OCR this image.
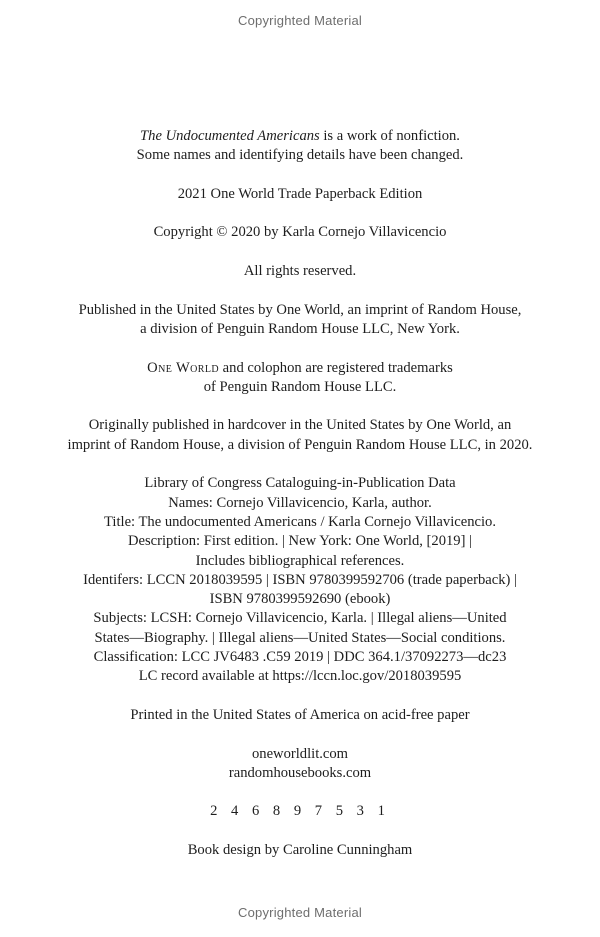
Copyrighted Material
The Undocumented Americans is a work of nonfiction.
Some names and identifying details have been changed.
2021 One World Trade Paperback Edition
Copyright © 2020 by Karla Cornejo Villavicencio
All rights reserved.
Published in the United States by One World, an imprint of Random House,
a division of Penguin Random House LLC, New York.
One World and colophon are registered trademarks
of Penguin Random House LLC.
Originally published in hardcover in the United States by One World, an
imprint of Random House, a division of Penguin Random House LLC, in 2020.
Library of Congress Cataloguing-in-Publication Data
Names: Cornejo Villavicencio, Karla, author.
Title: The undocumented Americans / Karla Cornejo Villavicencio.
Description: First edition. | New York: One World, [2019] |
Includes bibliographical references.
Identifers: LCCN 2018039595 | ISBN 9780399592706 (trade paperback) |
ISBN 9780399592690 (ebook)
Subjects: LCSH: Cornejo Villavicencio, Karla. | Illegal aliens—United
States—Biography. | Illegal aliens—United States—Social conditions.
Classification: LCC JV6483 .C59 2019 | DDC 364.1/37092273—dc23
LC record available at https://lccn.loc.gov/2018039595
Printed in the United States of America on acid-free paper
oneworldlit.com
randomhousebooks.com
2 4 6 8 9 7 5 3 1
Book design by Caroline Cunningham
Copyrighted Material
